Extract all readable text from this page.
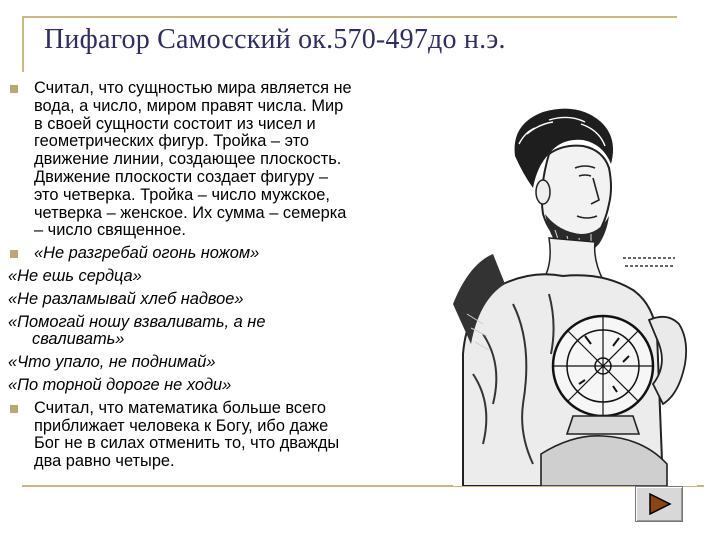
Пифагор Самосский ок.570-497до н.э.
Считал, что сущностью мира является не
вода, а число, миром правят числа. Мир
в своей сущности состоит из чисел и
геометрических фигур. Тройка – это
движение линии, создающее плоскость.
Движение плоскости создает фигуру –
это четверка. Тройка – число мужское,
четверка – женское. Их сумма – семерка
– число священное.
«Не разгребай огонь ножом»
«Не ешь сердца»
«Не разламывай хлеб надвое»
«Помогай ношу взваливать, а не
сваливать»
«Что упало, не поднимай»
«По торной дороге не ходи»
Считал, что математика больше всего
приближает человека к Богу, ибо даже
Бог не в силах отменить то, что дважды
два равно четыре.
